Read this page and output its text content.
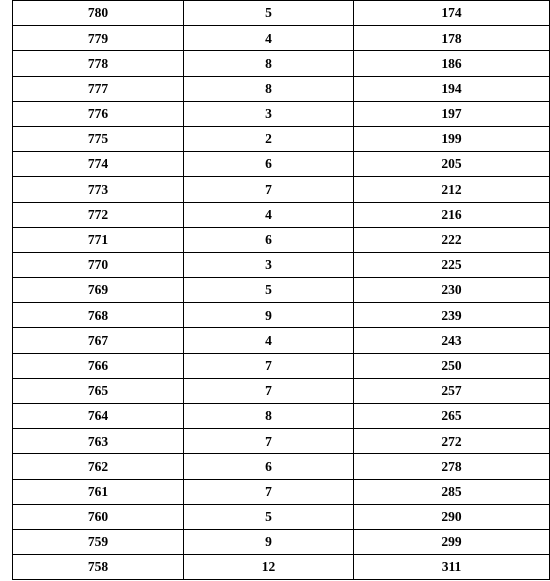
780	5	174
779	4	178
778	8	186
777	8	194
776	3	197
775	2	199
774	6	205
773	7	212
772	4	216
771	6	222
770	3	225
769	5	230
768	9	239
767	4	243
766	7	250
765	7	257
764	8	265
763	7	272
762	6	278
761	7	285
760	5	290
759	9	299
758	12	311
